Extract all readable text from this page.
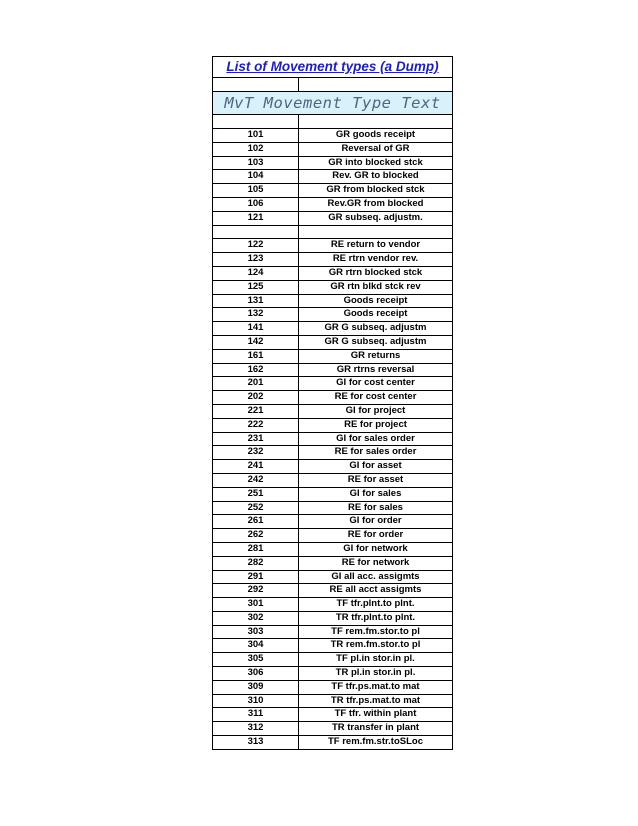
List of Movement types (a Dump)	

MvT Movement Type Text	

101	GR goods receipt
102	Reversal of GR
103	GR into blocked stck
104	Rev. GR to blocked
105	GR from blocked stck
106	Rev.GR from blocked
121	GR subseq. adjustm.

122	RE return to vendor
123	RE rtrn vendor rev.
124	GR rtrn blocked stck
125	GR rtn blkd stck rev
131	Goods receipt
132	Goods receipt
141	GR G subseq. adjustm
142	GR G subseq. adjustm
161	GR returns
162	GR rtrns reversal
201	GI for cost center
202	RE for cost center
221	GI for project
222	RE for project
231	GI for sales order
232	RE for sales order
241	GI for asset
242	RE for asset
251	GI for sales
252	RE for sales
261	GI for order
262	RE for order
281	GI for network
282	RE for network
291	GI all acc. assigmts
292	RE all acct assigmts
301	TF tfr.plnt.to plnt.
302	TR tfr.plnt.to plnt.
303	TF rem.fm.stor.to pl
304	TR rem.fm.stor.to pl
305	TF pl.in stor.in pl.
306	TR pl.in stor.in pl.
309	TF tfr.ps.mat.to mat
310	TR tfr.ps.mat.to mat
311	TF tfr. within plant
312	TR transfer in plant
313	TF rem.fm.str.toSLoc
